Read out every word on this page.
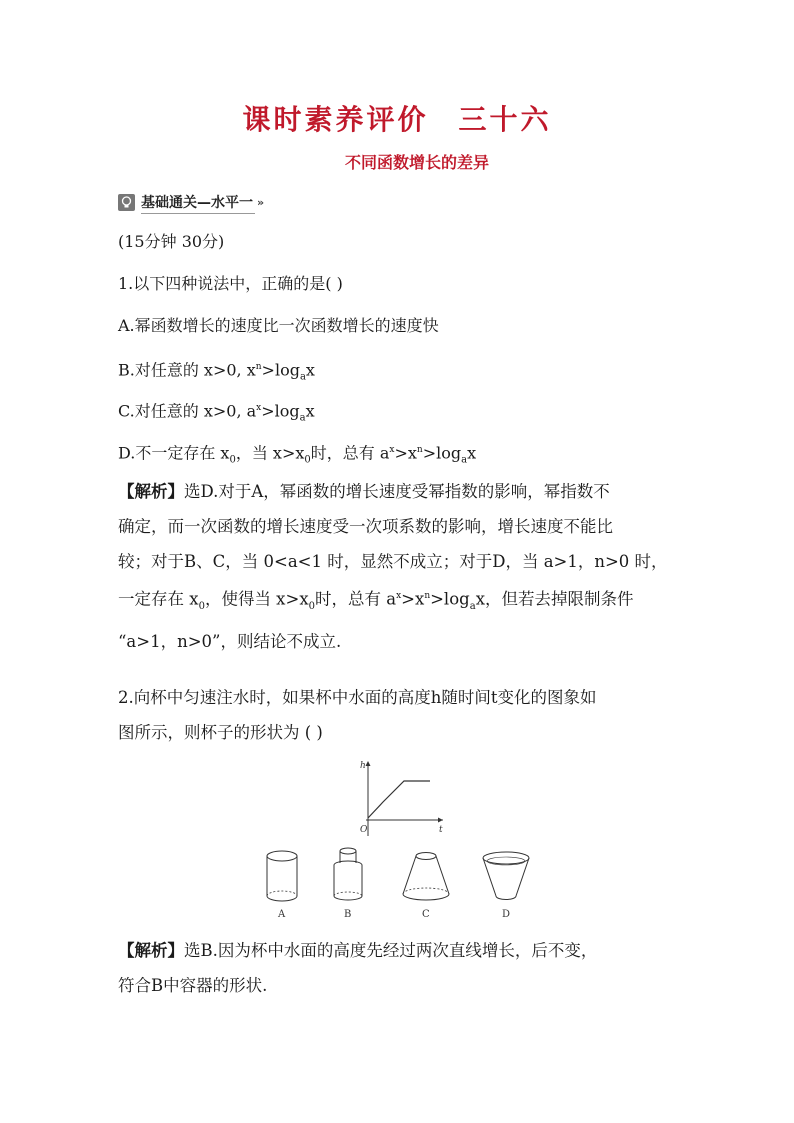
课时素养评价 三十六
不同函数增长的差异
基础通关—水平一 »
(15分钟 30分)
1.以下四种说法中，正确的是( )
A.幂函数增长的速度比一次函数增长的速度快
B.对任意的 x>0, $x^n>\log_ax$
C.对任意的 x>0, $a^x>\log_ax$
D.不一定存在 $x_0$，当 $x>x_0$时，总有 $a^x>x^n>\log_ax$
【解析】选D.对于A，幂函数的增长速度受幂指数的影响，幂指数不
确定，而一次函数的增长速度受一次项系数的影响，增长速度不能比
较；对于B、C，当 0<a<1 时，显然不成立；对于D，当 a>1，n>0 时，
一定存在 $x_0$，使得当 $x>x_0$时，总有 $a^x>x^n>\log_ax$，但若去掉限制条件
“a>1，n>0”，则结论不成立.
2.向杯中匀速注水时，如果杯中水面的高度h随时间t变化的图象如
图所示，则杯子的形状为 ( )
h
t
O
A	B	C	D
【解析】选B.因为杯中水面的高度先经过两次直线增长，后不变，
符合B中容器的形状.
